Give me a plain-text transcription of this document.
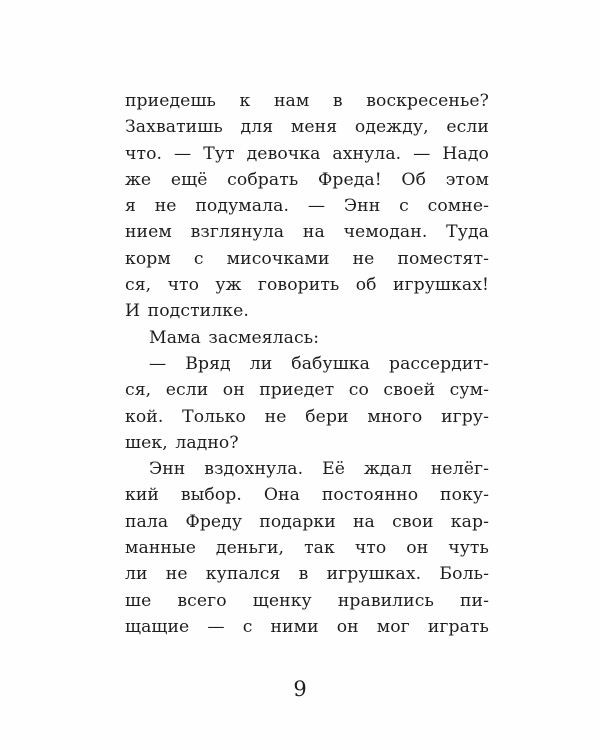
приедешь к нам в воскресенье?
Захватишь для меня одежду, если
что. — Тут девочка ахнула. — Надо
же ещё собрать Фреда! Об этом
я не подумала. — Энн с сомне-
нием взглянула на чемодан. Туда
корм с мисочками не поместят-
ся, что уж говорить об игрушках!
И подстилке.
Мама засмеялась:
— Вряд ли бабушка рассердит-
ся, если он приедет со своей сум-
кой. Только не бери много игру-
шек, ладно?
Энн вздохнула. Её ждал нелёг-
кий выбор. Она постоянно поку-
пала Фреду подарки на свои кар-
манные деньги, так что он чуть
ли не купался в игрушках. Боль-
ше всего щенку нравились пи-
щащие — с ними он мог играть
9
